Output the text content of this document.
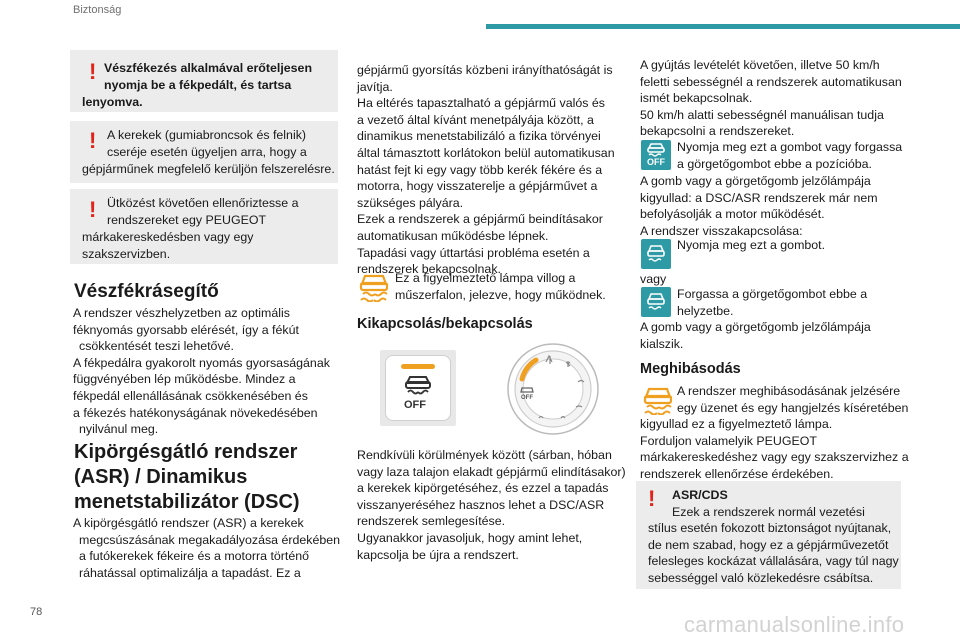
Biztonság
! Vészfékezés alkalmával erőteljesen
nyomja be a fékpedált, és tartsa
lenyomva.
! A kerekek (gumiabroncsok és felnik)
cseréje esetén ügyeljen arra, hogy a
gépjárműnek megfelelő kerüljön felszerelésre.
! Ütközést követően ellenőriztesse a
rendszereket egy PEUGEOT
márkakereskedésben vagy egy
szakszervizben.
Vészfékrásegítő
A rendszer vészhelyzetben az optimális
féknyomás gyorsabb elérését, így a fékút
csökkentését teszi lehetővé.
A fékpedálra gyakorolt nyomás gyorsaságának
függvényében lép működésbe. Mindez a
fékpedál ellenállásának csökkenésében és
a fékezés hatékonyságának növekedésében
nyilvánul meg.
Kipörgésgátló rendszer
(ASR) / Dinamikus
menetstabilizátor (DSC)
A kipörgésgátló rendszer (ASR) a kerekek
megcsúszásának megakadályozása érdekében
a futókerekek fékeire és a motorra történő
ráhatással optimalizálja a tapadást. Ez a
78
gépjármű gyorsítás közbeni irányíthatóságát is
javítja.
Ha eltérés tapasztalható a gépjármű valós és
a vezető által kívánt menetpályája között, a
dinamikus menetstabilizáló a fizika törvényei
által támasztott korlátokon belül automatikusan
hatást fejt ki egy vagy több kerék fékére és a
motorra, hogy visszaterelje a gépjárművet a
szükséges pályára.
Ezek a rendszerek a gépjármű beindításakor
automatikusan működésbe lépnek.
Tapadási vagy úttartási probléma esetén a
rendszerek bekapcsolnak.
Ez a figyelmeztető lámpa villog a
műszerfalon, jelezve, hogy működnek.
Kikapcsolás/bekapcsolás
OFF
OFF
Rendkívüli körülmények között (sárban, hóban
vagy laza talajon elakadt gépjármű elindításakor)
a kerekek kipörgetéséhez, és ezzel a tapadás
visszanyeréséhez hasznos lehet a DSC/ASR
rendszerek semlegesítése.
Ugyanakkor javasoljuk, hogy amint lehet,
kapcsolja be újra a rendszert.
A gyújtás levételét követően, illetve 50 km/h
feletti sebességnél a rendszerek automatikusan
ismét bekapcsolnak.
50 km/h alatti sebességnél manuálisan tudja
bekapcsolni a rendszereket.
OFF
Nyomja meg ezt a gombot vagy forgassa
a görgetőgombot ebbe a pozícióba.
A gomb vagy a görgetőgomb jelzőlámpája
kigyullad: a DSC/ASR rendszerek már nem
befolyásolják a motor működését.
A rendszer visszakapcsolása:
Nyomja meg ezt a gombot.
vagy
Forgassa a görgetőgombot ebbe a
helyzetbe.
A gomb vagy a görgetőgomb jelzőlámpája
kialszik.
Meghibásodás
A rendszer meghibásodásának jelzésére
egy üzenet és egy hangjelzés kíséretében
kigyullad ez a figyelmeztető lámpa.
Forduljon valamelyik PEUGEOT
márkakereskedéshez vagy egy szakszervizhez a
rendszerek ellenőrzése érdekében.
!	ASR/CDS
Ezek a rendszerek normál vezetési
stílus esetén fokozott biztonságot nyújtanak,
de nem szabad, hogy ez a gépjárművezetőt
felesleges kockázat vállalására, vagy túl nagy
sebességgel való közlekedésre csábítsa.
carmanualsonline.info
